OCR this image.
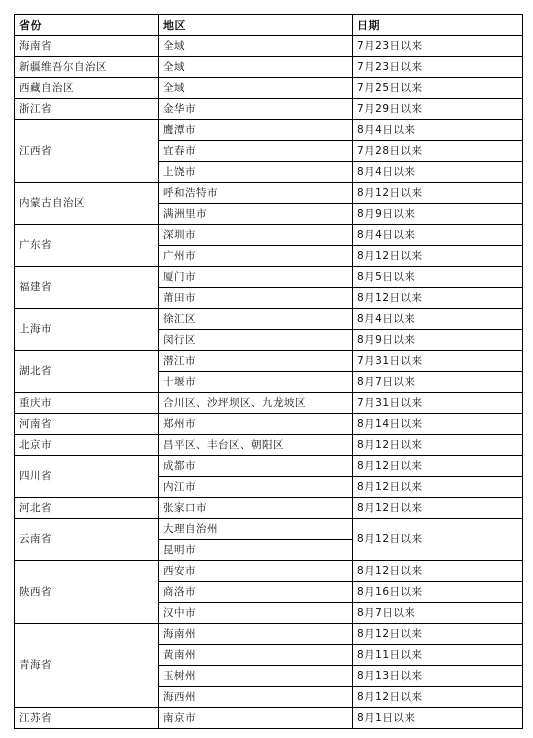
省份	地区	日期
海南省	全域	7月23日以来
新疆维吾尔自治区	全域	7月23日以来
西藏自治区	全域	7月25日以来
浙江省	金华市	7月29日以来
江西省	鹰潭市	8月4日以来
	宜春市	7月28日以来
	上饶市	8月4日以来
内蒙古自治区	呼和浩特市	8月12日以来
	满洲里市	8月9日以来
广东省	深圳市	8月4日以来
	广州市	8月12日以来
福建省	厦门市	8月5日以来
	莆田市	8月12日以来
上海市	徐汇区	8月4日以来
	闵行区	8月9日以来
湖北省	潜江市	7月31日以来
	十堰市	8月7日以来
重庆市	合川区、沙坪坝区、九龙坡区	7月31日以来
河南省	郑州市	8月14日以来
北京市	昌平区、丰台区、朝阳区	8月12日以来
四川省	成都市	8月12日以来
	内江市	8月12日以来
河北省	张家口市	8月12日以来
云南省	大理自治州	8月12日以来
	昆明市	
陕西省	西安市	8月12日以来
	商洛市	8月16日以来
	汉中市	8月7日以来
青海省	海南州	8月12日以来
	黄南州	8月11日以来
	玉树州	8月13日以来
	海西州	8月12日以来
江苏省	南京市	8月1日以来
